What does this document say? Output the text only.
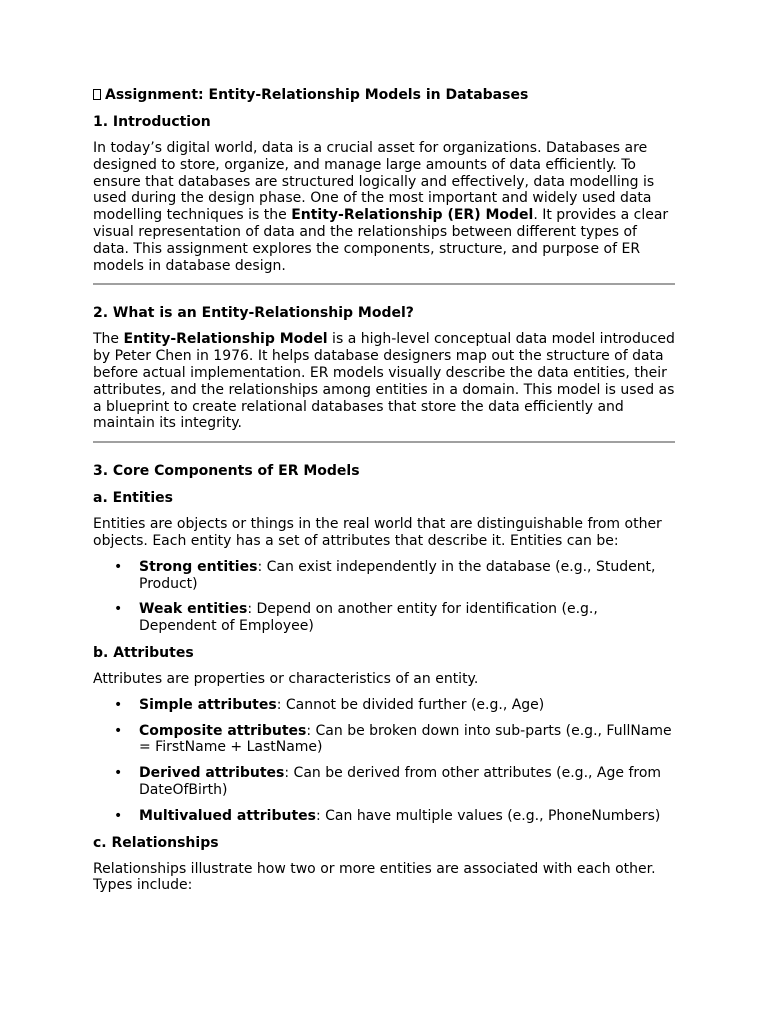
Assignment: Entity-Relationship Models in Databases
1. Introduction
In today’s digital world, data is a crucial asset for organizations. Databases are designed to store, organize, and manage large amounts of data efficiently. To ensure that databases are structured logically and effectively, data modelling is used during the design phase. One of the most important and widely used data modelling techniques is the Entity-Relationship (ER) Model. It provides a clear visual representation of data and the relationships between different types of data. This assignment explores the components, structure, and purpose of ER models in database design.
2. What is an Entity-Relationship Model?
The Entity-Relationship Model is a high-level conceptual data model introduced by Peter Chen in 1976. It helps database designers map out the structure of data before actual implementation. ER models visually describe the data entities, their attributes, and the relationships among entities in a domain. This model is used as a blueprint to create relational databases that store the data efficiently and maintain its integrity.
3. Core Components of ER Models
a. Entities
Entities are objects or things in the real world that are distinguishable from other objects. Each entity has a set of attributes that describe it. Entities can be:
• Strong entities: Can exist independently in the database (e.g., Student, Product)
• Weak entities: Depend on another entity for identification (e.g., Dependent of Employee)
b. Attributes
Attributes are properties or characteristics of an entity.
• Simple attributes: Cannot be divided further (e.g., Age)
• Composite attributes: Can be broken down into sub-parts (e.g., FullName = FirstName + LastName)
• Derived attributes: Can be derived from other attributes (e.g., Age from DateOfBirth)
• Multivalued attributes: Can have multiple values (e.g., PhoneNumbers)
c. Relationships
Relationships illustrate how two or more entities are associated with each other. Types include:
